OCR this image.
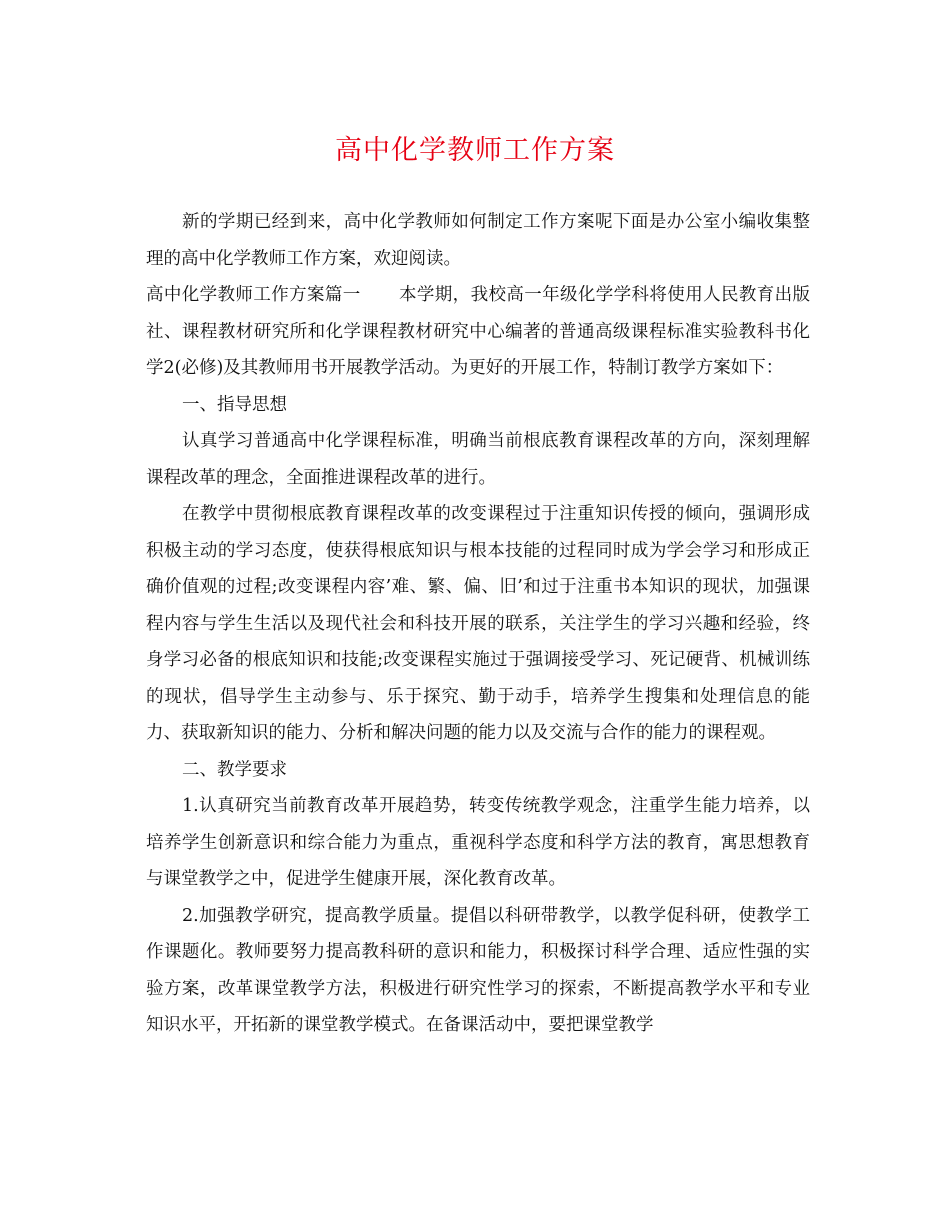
高中化学教师工作方案

新的学期已经到来，高中化学教师如何制定工作方案呢下面是办公室小编收集整理的高中化学教师工作方案，欢迎阅读。

高中化学教师工作方案篇一 本学期，我校高一年级化学学科将使用人民教育出版社、课程教材研究所和化学课程教材研究中心编著的普通高级课程标准实验教科书化学2(必修)及其教师用书开展教学活动。为更好的开展工作，特制订教学方案如下：

一、指导思想

认真学习普通高中化学课程标准，明确当前根底教育课程改革的方向，深刻理解课程改革的理念，全面推进课程改革的进行。

在教学中贯彻根底教育课程改革的改变课程过于注重知识传授的倾向，强调形成积极主动的学习态度，使获得根底知识与根本技能的过程同时成为学会学习和形成正确价值观的过程;改变课程内容’难、繁、偏、旧’和过于注重书本知识的现状，加强课程内容与学生生活以及现代社会和科技开展的联系，关注学生的学习兴趣和经验，终身学习必备的根底知识和技能;改变课程实施过于强调接受学习、死记硬背、机械训练的现状，倡导学生主动参与、乐于探究、勤于动手，培养学生搜集和处理信息的能力、获取新知识的能力、分析和解决问题的能力以及交流与合作的能力的课程观。

二、教学要求

1.认真研究当前教育改革开展趋势，转变传统教学观念，注重学生能力培养，以培养学生创新意识和综合能力为重点，重视科学态度和科学方法的教育，寓思想教育与课堂教学之中，促进学生健康开展，深化教育改革。

2.加强教学研究，提高教学质量。提倡以科研带教学，以教学促科研，使教学工作课题化。教师要努力提高教科研的意识和能力，积极探讨科学合理、适应性强的实验方案，改革课堂教学方法，积极进行研究性学习的探索，不断提高教学水平和专业知识水平，开拓新的课堂教学模式。在备课活动中，要把课堂教学
